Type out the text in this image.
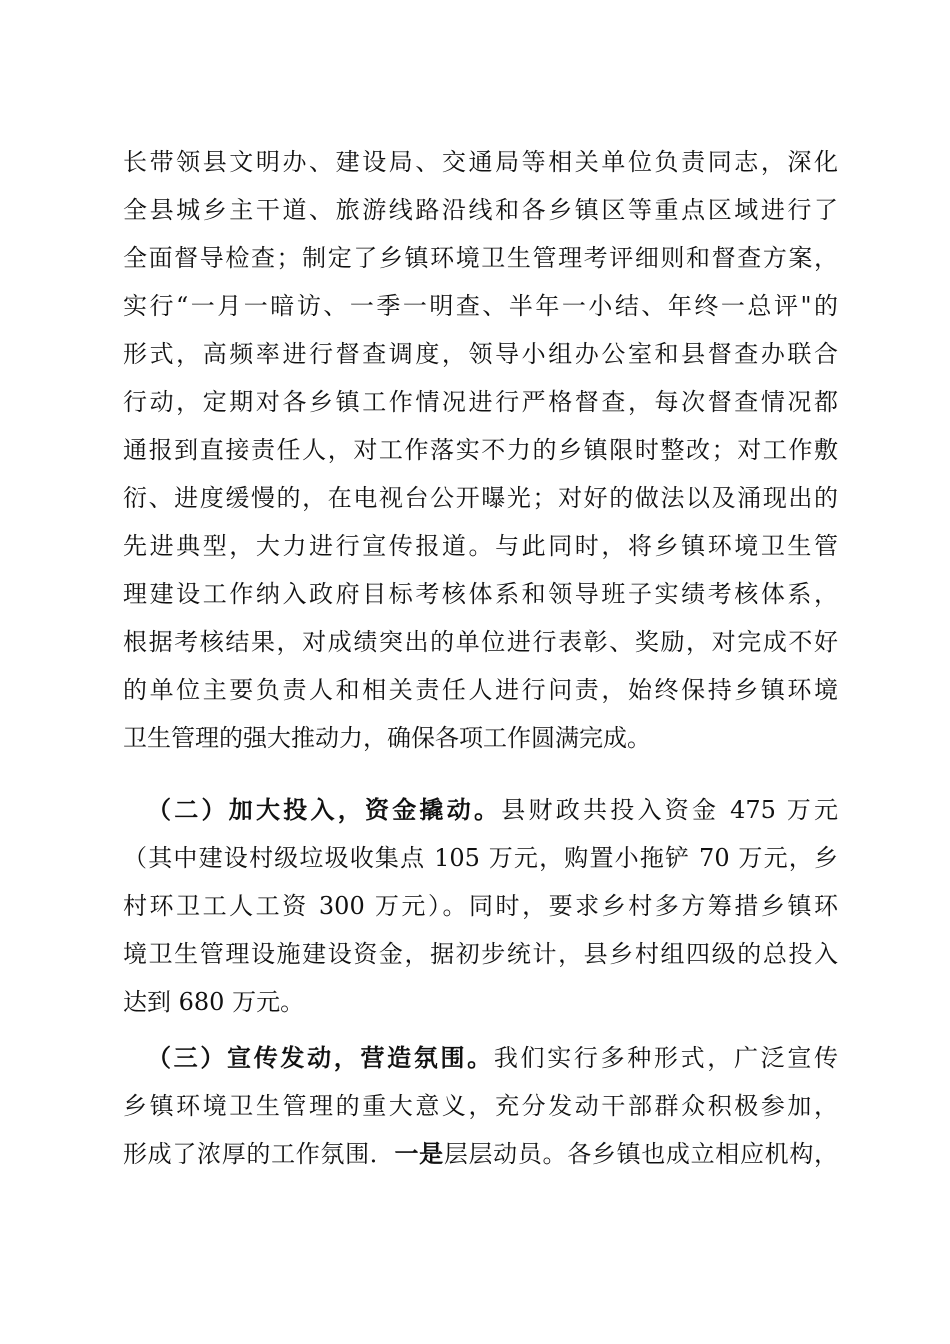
长带领县文明办、建设局、交通局等相关单位负责同志，深化
全县城乡主干道、旅游线路沿线和各乡镇区等重点区域进行了
全面督导检查；制定了乡镇环境卫生管理考评细则和督查方案，
实行“一月一暗访、一季一明查、半年一小结、年终一总评"的
形式，高频率进行督查调度，领导小组办公室和县督查办联合
行动，定期对各乡镇工作情况进行严格督查，每次督查情况都
通报到直接责任人，对工作落实不力的乡镇限时整改；对工作敷
衍、进度缓慢的，在电视台公开曝光；对好的做法以及涌现出的
先进典型，大力进行宣传报道。与此同时，将乡镇环境卫生管
理建设工作纳入政府目标考核体系和领导班子实绩考核体系，
根据考核结果，对成绩突出的单位进行表彰、奖励，对完成不好
的单位主要负责人和相关责任人进行问责，始终保持乡镇环境
卫生管理的强大推动力，确保各项工作圆满完成。
（二）加大投入，资金撬动。县财政共投入资金 475 万元
（其中建设村级垃圾收集点 105 万元，购置小拖铲 70 万元，乡
村环卫工人工资 300 万元）。同时，要求乡村多方筹措乡镇环
境卫生管理设施建设资金，据初步统计，县乡村组四级的总投入
达到 680 万元。
（三）宣传发动，营造氛围。我们实行多种形式，广泛宣传
乡镇环境卫生管理的重大意义，充分发动干部群众积极参加，
形成了浓厚的工作氛围．一是层层动员。各乡镇也成立相应机构，
